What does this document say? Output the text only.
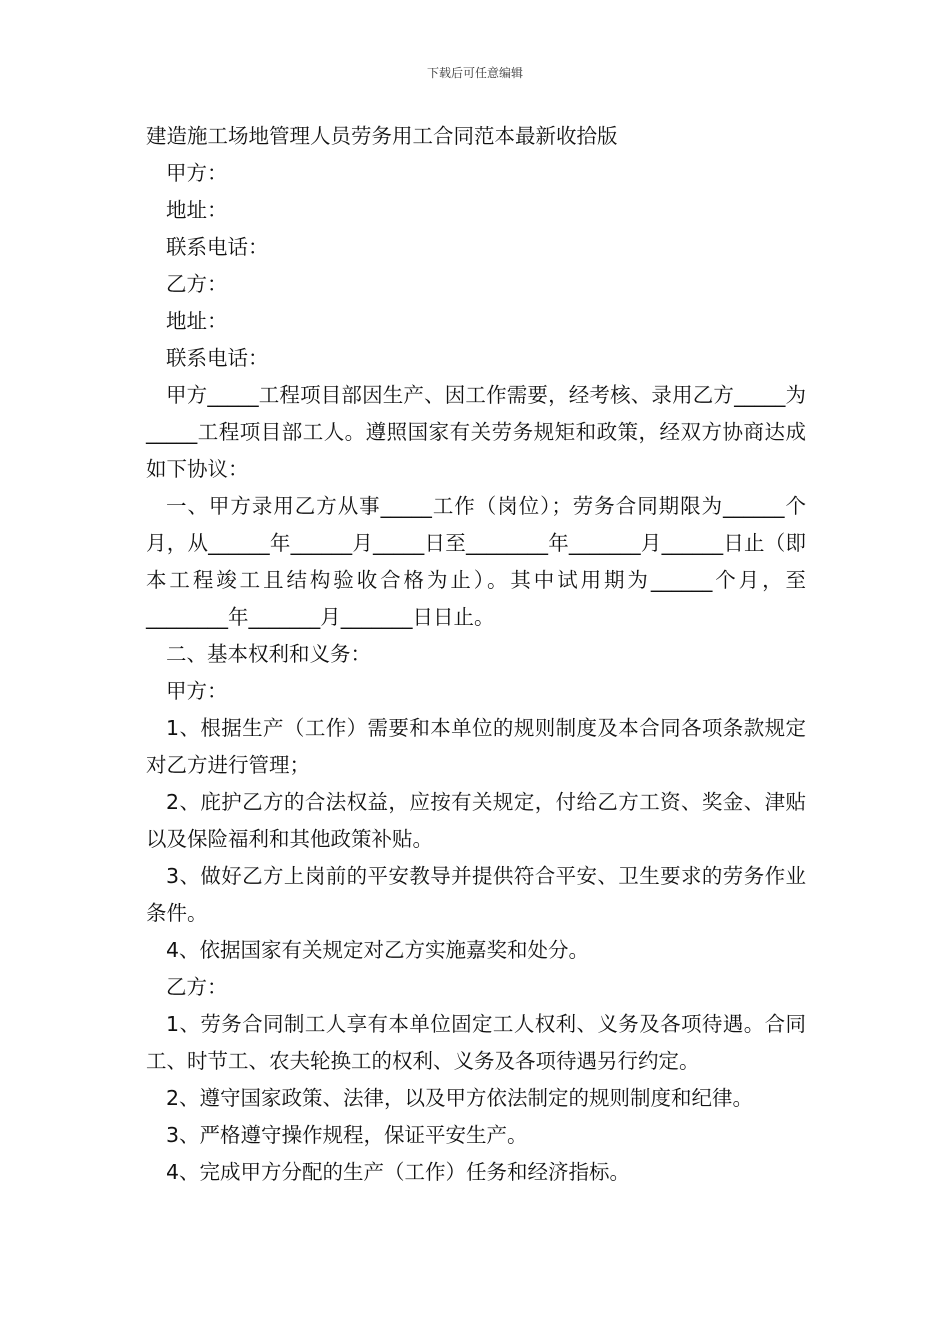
下载后可任意编辑

建造施工场地管理人员劳务用工合同范本最新收拾版

甲方：

地址：

联系电话：

乙方：

地址：

联系电话：

甲方_____工程项目部因生产、因工作需要，经考核、录用乙方_____为_____工程项目部工人。遵照国家有关劳务规矩和政策，经双方协商达成如下协议：

一、甲方录用乙方从事_____工作（岗位）；劳务合同期限为______个月，从______年______月_____日至________年_______月______日止（即本工程竣工且结构验收合格为止）。其中试用期为______个月，至________年_______月_______日日止。

二、基本权利和义务：

甲方：

1、根据生产（工作）需要和本单位的规则制度及本合同各项条款规定对乙方进行管理；

2、庇护乙方的合法权益，应按有关规定，付给乙方工资、奖金、津贴以及保险福利和其他政策补贴。

3、做好乙方上岗前的平安教导并提供符合平安、卫生要求的劳务作业条件。

4、依据国家有关规定对乙方实施嘉奖和处分。

乙方：

1、劳务合同制工人享有本单位固定工人权利、义务及各项待遇。合同工、时节工、农夫轮换工的权利、义务及各项待遇另行约定。

2、遵守国家政策、法律，以及甲方依法制定的规则制度和纪律。

3、严格遵守操作规程，保证平安生产。

4、完成甲方分配的生产（工作）任务和经济指标。
